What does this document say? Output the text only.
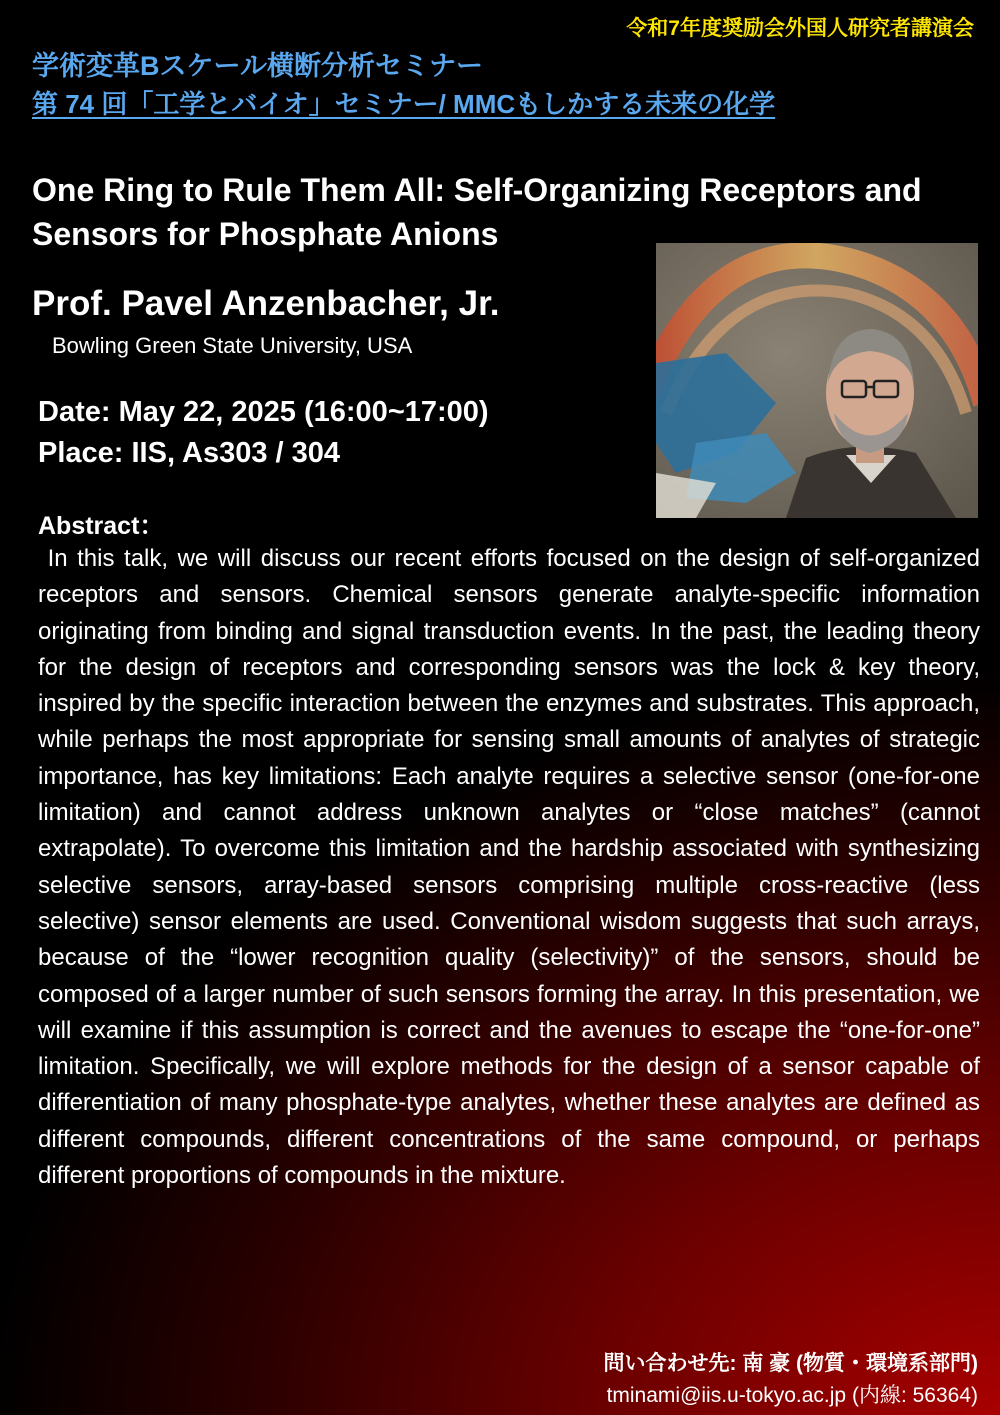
令和7年度奨励会外国人研究者講演会
学術変革Bスケール横断分析セミナー
第 74 回「工学とバイオ」セミナー/ MMCもしかする未来の化学
One Ring to Rule Them All: Self-Organizing Receptors and Sensors for Phosphate Anions
Prof. Pavel Anzenbacher, Jr.
Bowling Green State University, USA
Date: May 22, 2025 (16:00~17:00)
Place: IIS, As303 / 304
Abstract：

In this talk, we will discuss our recent efforts focused on the design of self-organized receptors and sensors. Chemical sensors generate analyte-specific information originating from binding and signal transduction events. In the past, the leading theory for the design of receptors and corresponding sensors was the lock & key theory, inspired by the specific interaction between the enzymes and substrates. This approach, while perhaps the most appropriate for sensing small amounts of analytes of strategic importance, has key limitations: Each analyte requires a selective sensor (one-for-one limitation) and cannot address unknown analytes or “close matches” (cannot extrapolate). To overcome this limitation and the hardship associated with synthesizing selective sensors, array-based sensors comprising multiple cross-reactive (less selective) sensor elements are used. Conventional wisdom suggests that such arrays, because of the “lower recognition quality (selectivity)” of the sensors, should be composed of a larger number of such sensors forming the array. In this presentation, we will examine if this assumption is correct and the avenues to escape the “one-for-one” limitation. Specifically, we will explore methods for the design of a sensor capable of differentiation of many phosphate-type analytes, whether these analytes are defined as different compounds, different concentrations of the same compound, or perhaps different proportions of compounds in the mixture.

問い合わせ先: 南 豪 (物質・環境系部門)
tminami@iis.u-tokyo.ac.jp (内線: 56364)
